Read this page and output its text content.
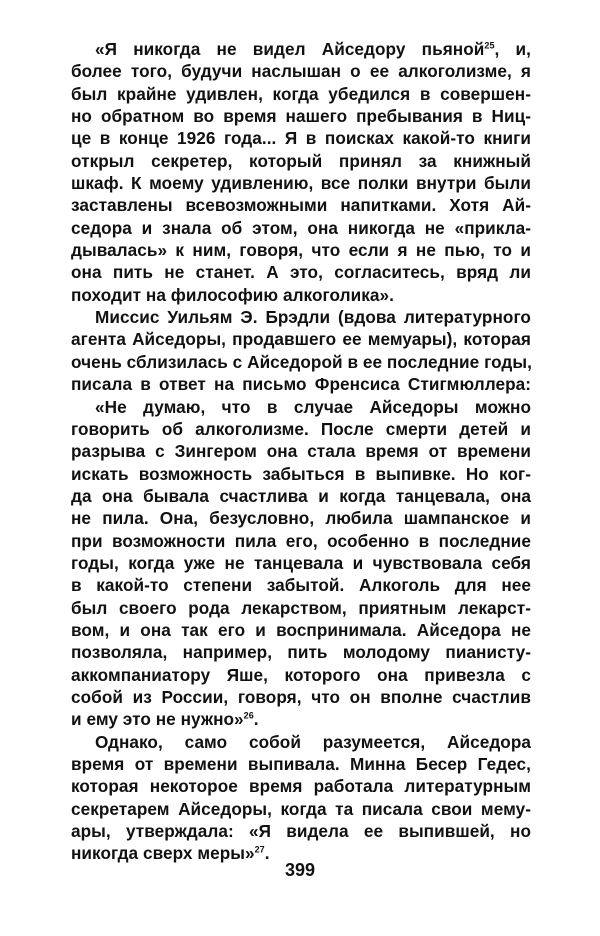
«Я никогда не видел Айседору пьяной$^{25}$, и,
более того, будучи наслышан о ее алкоголизме, я
был крайне удивлен, когда убедился в совершен-
но обратном во время нашего пребывания в Ниц-
це в конце 1926 года... Я в поисках какой-то книги
открыл секретер, который принял за книжный
шкаф. К моему удивлению, все полки внутри были
заставлены всевозможными напитками. Хотя Ай-
седора и знала об этом, она никогда не «прикла-
дывалась» к ним, говоря, что если я не пью, то и
она пить не станет. А это, согласитесь, вряд ли
походит на философию алкоголика».
Миссис Уильям Э. Брэдли (вдова литературного
агента Айседоры, продавшего ее мемуары), которая
очень сблизилась с Айседорой в ее последние годы,
писала в ответ на письмо Френсиса Стигмюллера:
«Не думаю, что в случае Айседоры можно
говорить об алкоголизме. После смерти детей и
разрыва с Зингером она стала время от времени
искать возможность забыться в выпивке. Но ког-
да она бывала счастлива и когда танцевала, она
не пила. Она, безусловно, любила шампанское и
при возможности пила его, особенно в последние
годы, когда уже не танцевала и чувствовала себя
в какой-то степени забытой. Алкоголь для нее
был своего рода лекарством, приятным лекарст-
вом, и она так его и воспринимала. Айседора не
позволяла, например, пить молодому пианисту-
аккомпаниатору Яше, которого она привезла с
собой из России, говоря, что он вполне счастлив
и ему это не нужно»$^{26}$.
Однако, само собой разумеется, Айседора
время от времени выпивала. Минна Бесер Гедес,
которая некоторое время работала литературным
секретарем Айседоры, когда та писала свои мему-
ары, утверждала: «Я видела ее выпившей, но
никогда сверх меры»$^{27}$.
399
